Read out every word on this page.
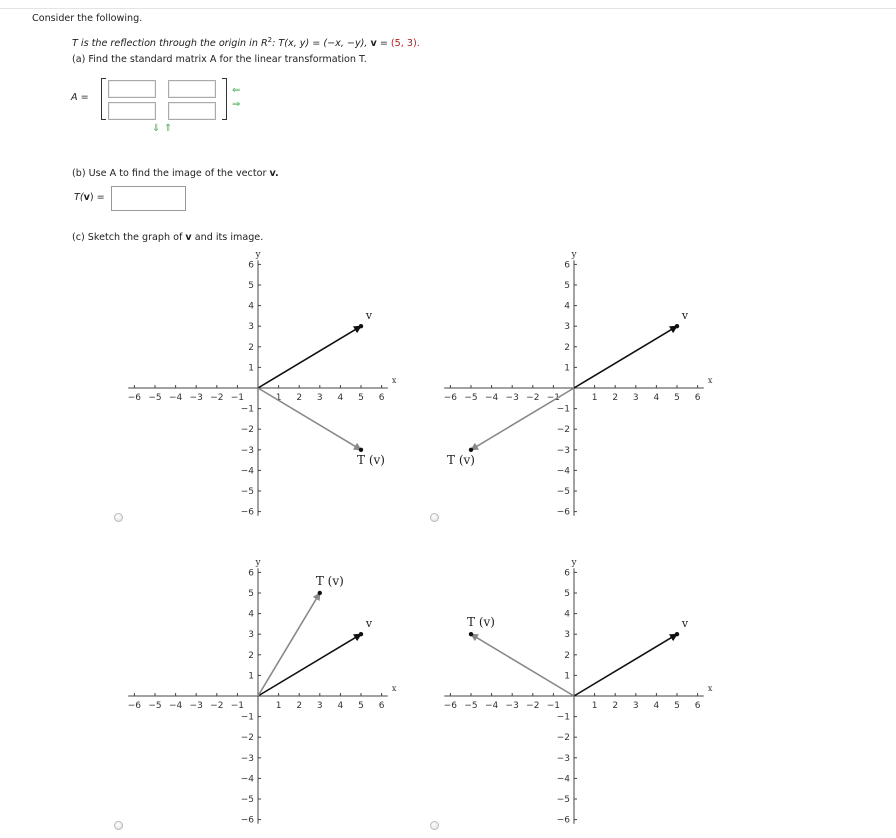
Consider the following.
T is the reflection through the origin in $R^2$: T(x, y) = (−x, −y), v = (5, 3).
(a) Find the standard matrix A for the linear transformation T.
A =
⇐
⇒
⇓ ⇑
(b) Use A to find the image of the vector v.
T(v) =
(c) Sketch the graph of v and its image.
−6 −5 −4 −3 −2 −1	1 2 3 4 5 6
6
5
4
3
2
1
−1
−2
−3
−4
−5
−6
x
y
v
T (v)
−6 −5 −4 −3 −2 −1	1 2 3 4 5 6
6
5
4
3
2
1
−1
−2
−3
−4
−5
−6
x
y
v
T (v)
−6 −5 −4 −3 −2 −1	1 2 3 4 5 6
6
5
4
3
2
1
−1
−2
−3
−4
−5
−6
x
y
v
T (v)
−6 −5 −4 −3 −2 −1	1 2 3 4 5 6
6
5
4
3
2
1
−1
−2
−3
−4
−5
−6
x
y
v
T (v)
